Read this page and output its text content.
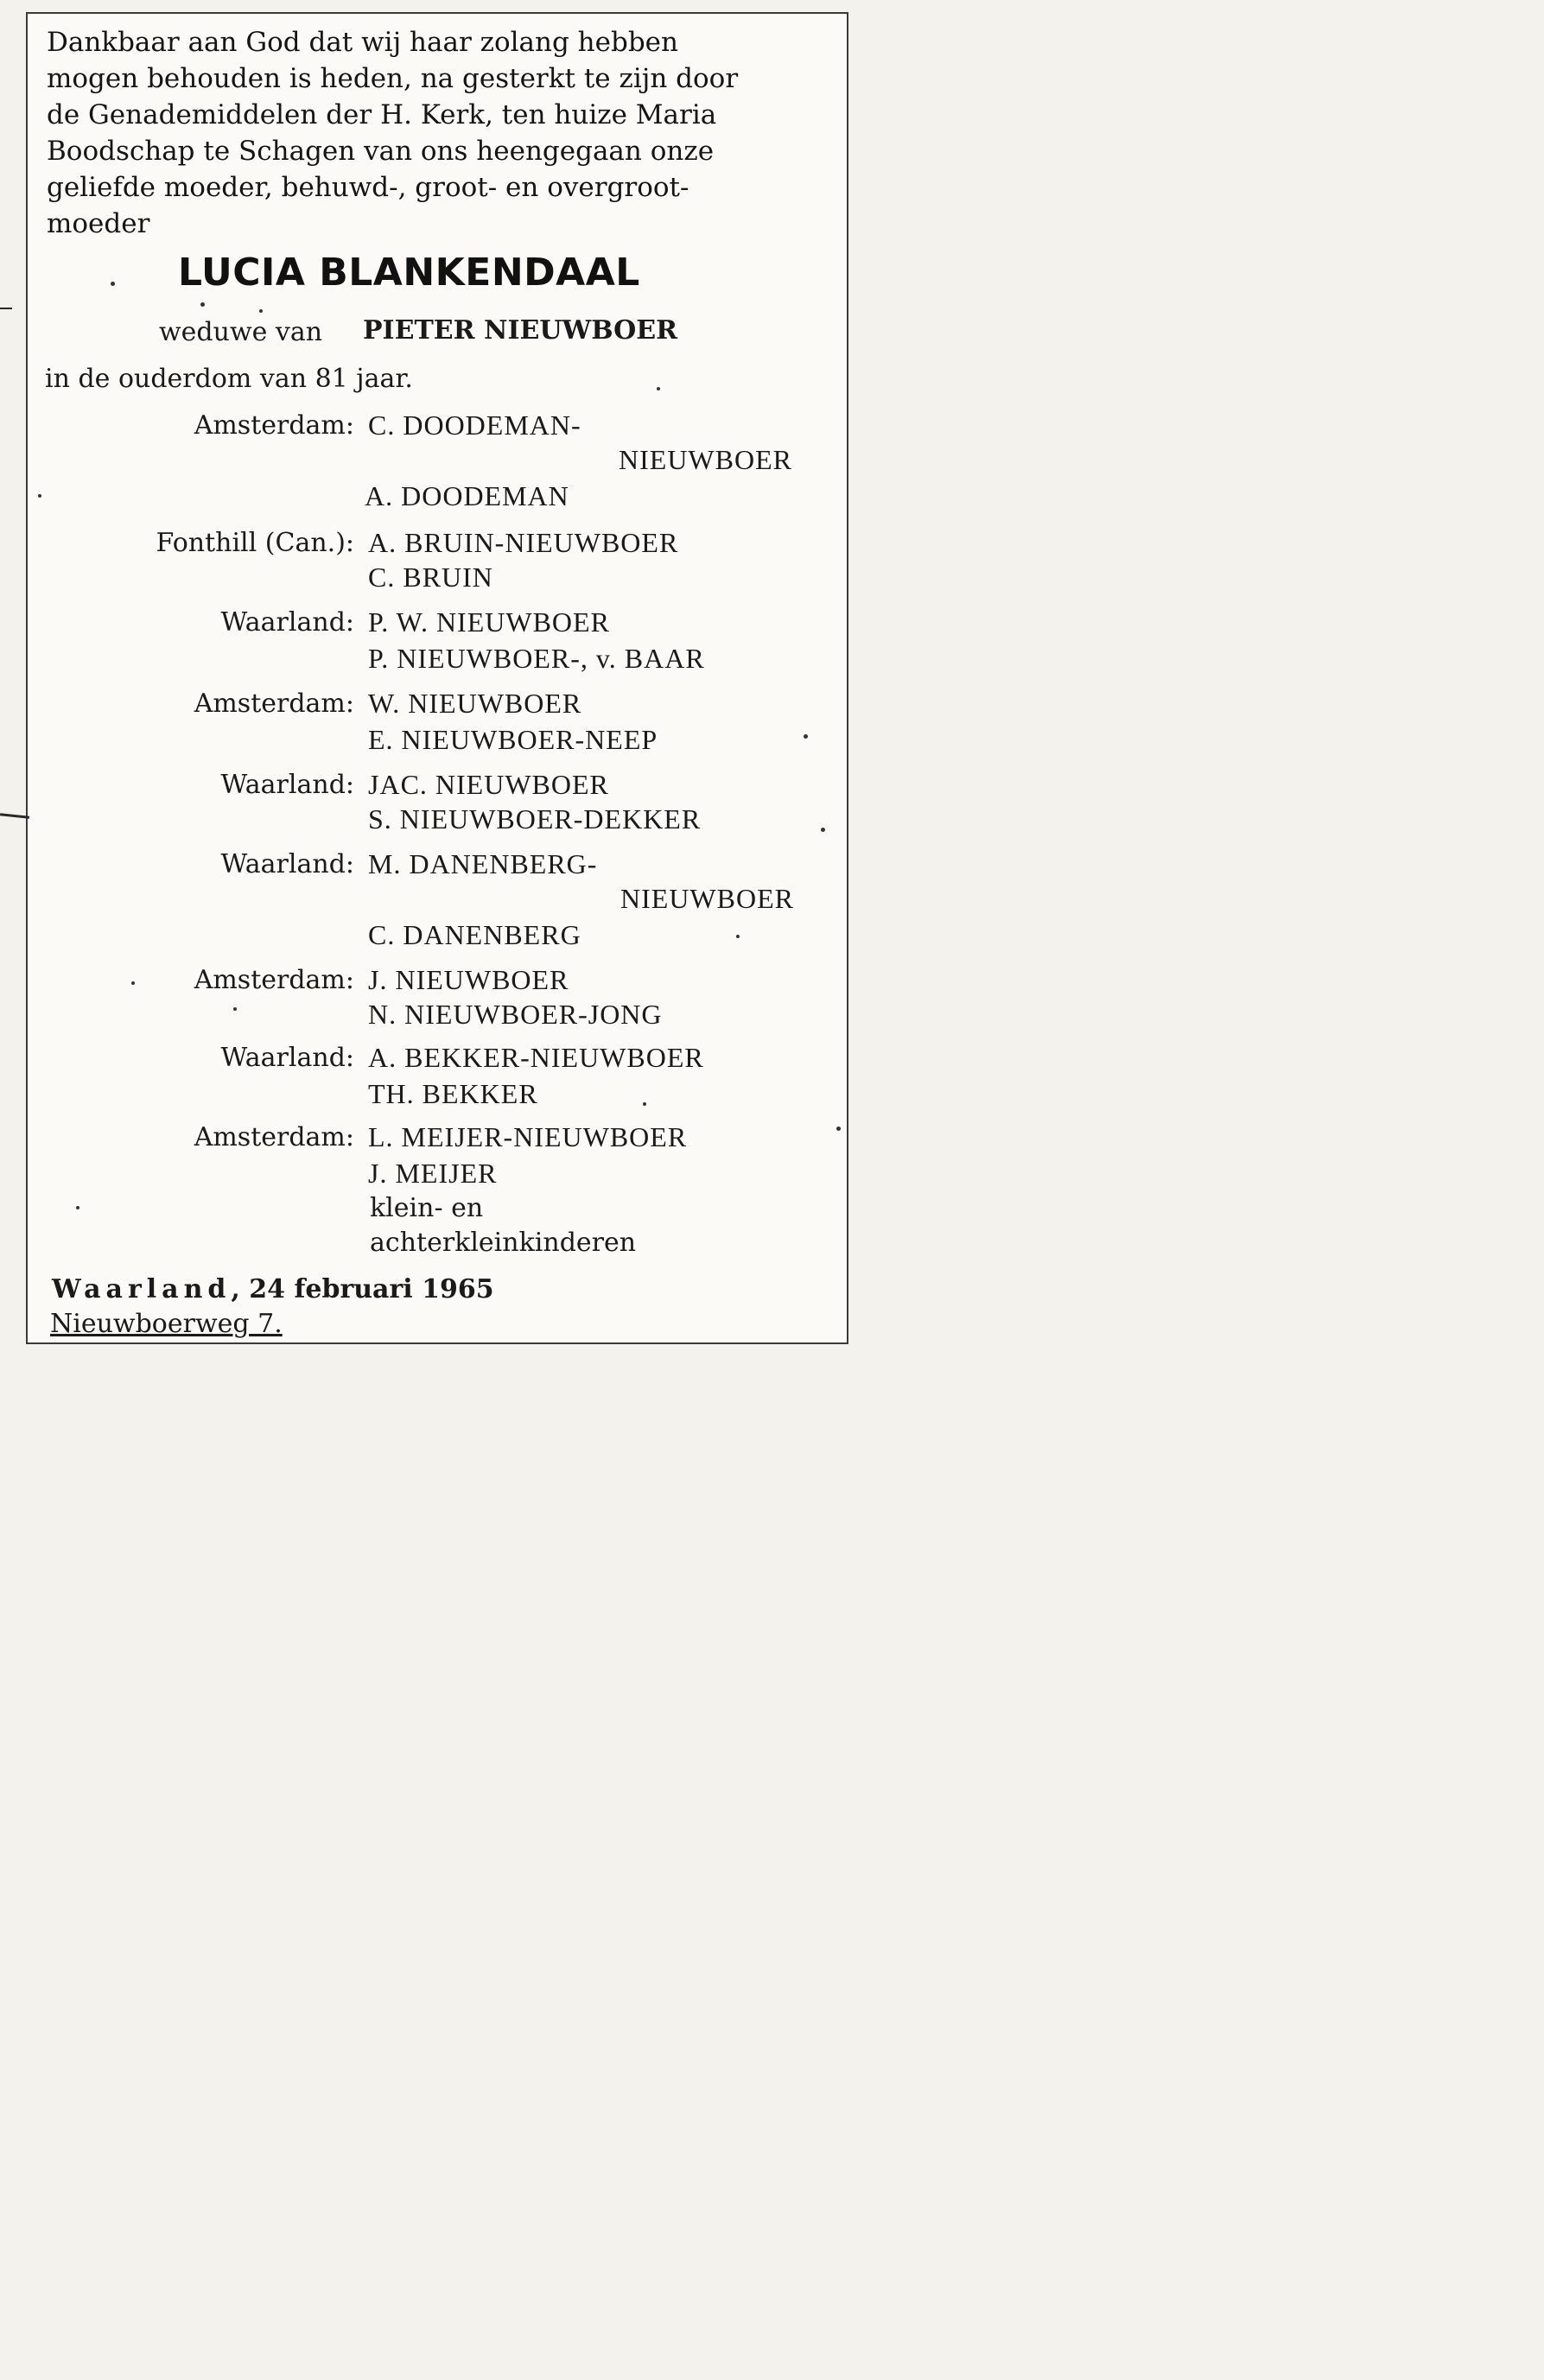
Dankbaar aan God dat wij haar zolang hebben
mogen behouden is heden, na gesterkt te zijn door
de Genademiddelen der H. Kerk, ten huize Maria
Boodschap te Schagen van ons heengegaan onze
geliefde moeder, behuwd-, groot- en overgroot-
moeder
LUCIA BLANKENDAAL
weduwe van PIETER NIEUWBOER
in de ouderdom van 81 jaar.
Amsterdam: C. DOODEMAN-
NIEUWBOER
A. DOODEMAN
Fonthill (Can.): A. BRUIN-NIEUWBOER
C. BRUIN
Waarland: P. W. NIEUWBOER
P. NIEUWBOER-, v. BAAR
Amsterdam: W. NIEUWBOER
E. NIEUWBOER-NEEP
Waarland: JAC. NIEUWBOER
S. NIEUWBOER-DEKKER
Waarland: M. DANENBERG-
NIEUWBOER
C. DANENBERG
Amsterdam: J. NIEUWBOER
N. NIEUWBOER-JONG
Waarland: A. BEKKER-NIEUWBOER
TH. BEKKER
Amsterdam: L. MEIJER-NIEUWBOER
J. MEIJER
klein- en
achterkleinkinderen
Waarland, 24 februari 1965
Nieuwboerweg 7.
